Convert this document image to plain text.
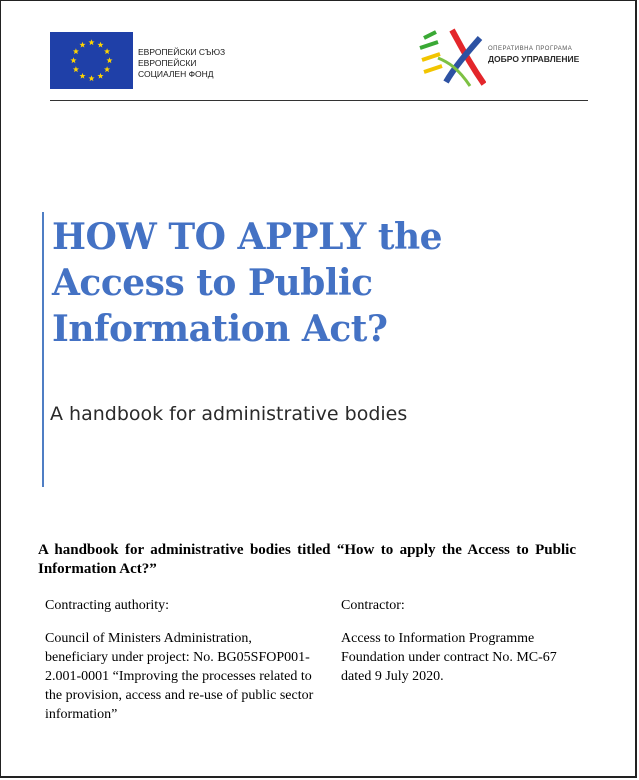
ЕВРОПЕЙСКИ СЪЮЗ
ЕВРОПЕЙСКИ
СОЦИАЛЕН ФОНД
ОПЕРАТИВНА ПРОГРАМА
ДОБРО УПРАВЛЕНИЕ
HOW TO APPLY the
Access to Public
Information Act?
A handbook for administrative bodies
A handbook for administrative bodies titled “How to apply the Access to Public Information Act?”
Contracting authority:
Council of Ministers Administration, beneficiary under project: No. BG05SFOP001-2.001-0001 “Improving the processes related to the provision, access and re-use of public sector information”
Contractor:
Access to Information Programme Foundation under contract No. MC-67 dated 9 July 2020.
